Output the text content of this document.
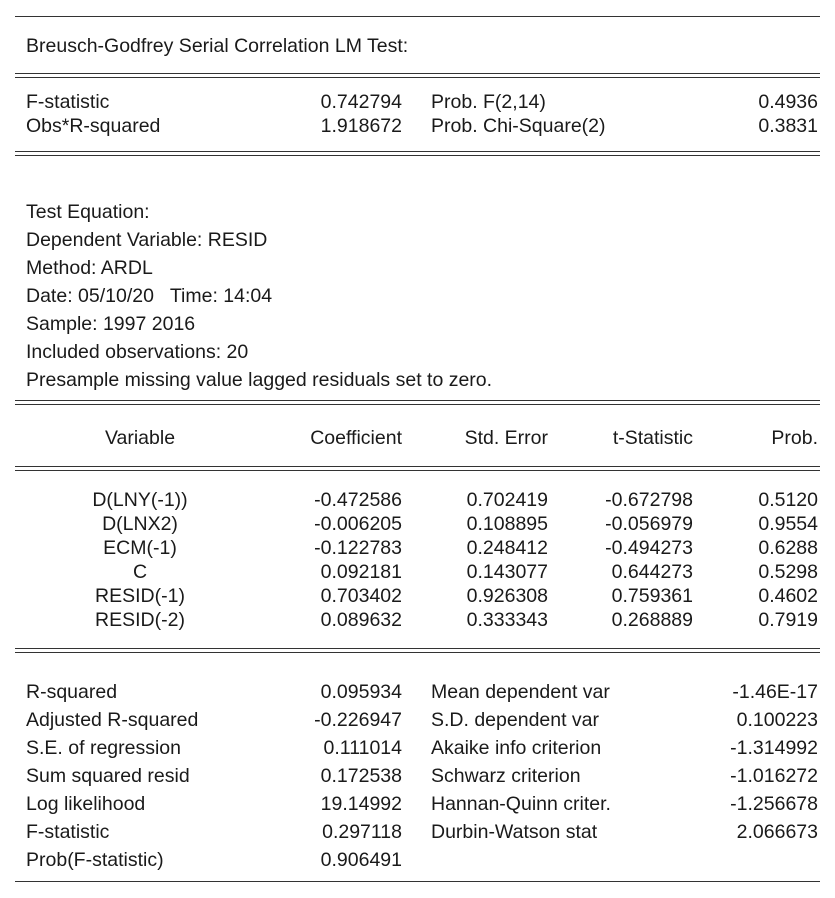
Breusch-Godfrey Serial Correlation LM Test:
F-statistic	0.742794 Prob. F(2,14)	0.4936
Obs*R-squared	1.918672 Prob. Chi-Square(2)	0.3831
Test Equation:
Dependent Variable: RESID
Method: ARDL
Date: 05/10/20   Time: 14:04
Sample: 1997 2016
Included observations: 20
Presample missing value lagged residuals set to zero.
Variable	Coefficient	Std. Error	t-Statistic	Prob.
D(LNY(-1))	-0.472586	0.702419	-0.672798	0.5120
D(LNX2)	-0.006205	0.108895	-0.056979	0.9554
ECM(-1)	-0.122783	0.248412	-0.494273	0.6288
C	0.092181	0.143077	0.644273	0.5298
RESID(-1)	0.703402	0.926308	0.759361	0.4602
RESID(-2)	0.089632	0.333343	0.268889	0.7919
R-squared	0.095934 Mean dependent var	-1.46E-17
Adjusted R-squared	-0.226947 S.D. dependent var	0.100223
S.E. of regression	0.111014 Akaike info criterion	-1.314992
Sum squared resid	0.172538 Schwarz criterion	-1.016272
Log likelihood	19.14992 Hannan-Quinn criter.	-1.256678
F-statistic	0.297118 Durbin-Watson stat	2.066673
Prob(F-statistic)	0.906491
